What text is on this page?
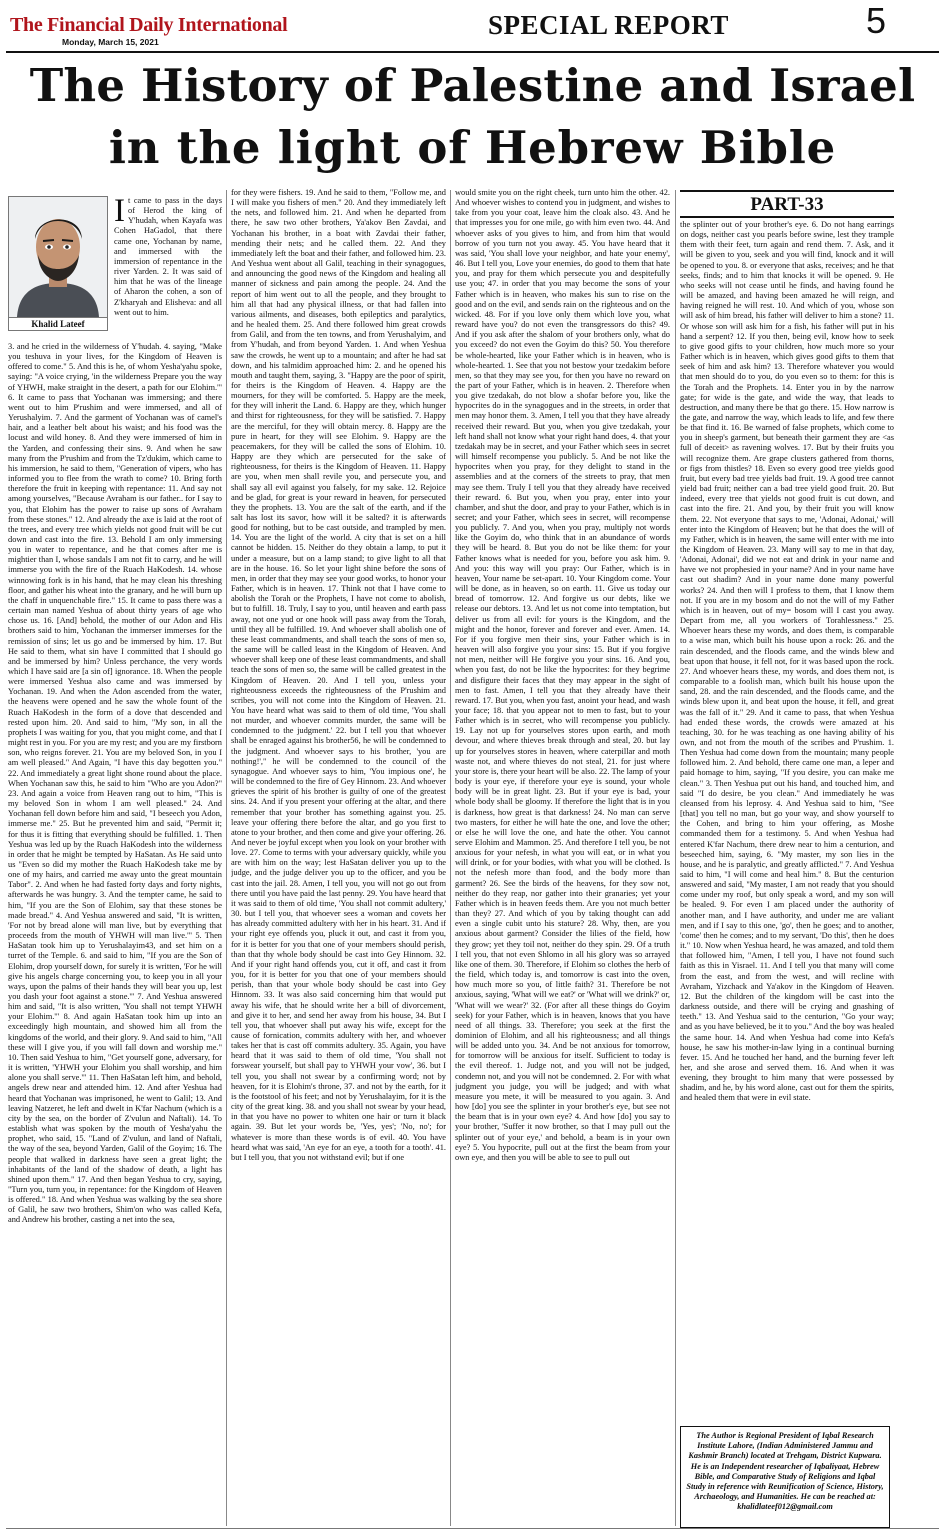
The Financial Daily International
Monday, March 15, 2021
SPECIAL REPORT	5
The History of Palestine and Israel
in the light of Hebrew Bible
Khalid Lateef
It came to pass in the days of Herod the king of Y'hudah, when Kayafa was Cohen HaGadol, that there came one, Yochanan by name, and immersed with the immersion of repentance in the river Yarden. 2. It was said of him that he was of the lineage of Aharon the cohen, a son of Z'kharyah and Elisheva: and all went out to him.

3. and he cried in the wilderness of Y'hudah. 4. saying, "Make you teshuva in your lives, for the Kingdom of Heaven is offered to come." 5. And this is he, of whom Yesha'yahu spoke, saying: "A voice crying, 'in the wilderness Prepare you the way of YHWH, make straight in the desert, a path for our Elohim.'" 6. It came to pass that Yochanan was immersing; and there went out to him P'rushim and were immersed, and all of Yerushalyim. 7. And the garment of Yochanan was of camel's hair, and a leather belt about his waist; and his food was the locust and wild honey. 8. And they were immersed of him in the Yarden, and confessing their sins. 9. And when he saw many from the P'rushim and from the Tz'dukim, which came to his immersion, he said to them, "Generation of vipers, who has informed you to flee from the wrath to come? 10. Bring forth therefore the fruit in keeping with repentance: 11. And say not among yourselves, "Because Avraham is our father.. for I say to you, that Elohim has the power to raise up sons of Avraham from these stones." 12. And already the axe is laid at the root of the trees, and every tree which yields not good fruit will be cut down and cast into the fire. 13. Behold I am only immersing you in water to repentance, and he that comes after me is mightier than I, whose sandals I am not fit to carry, and he will immerse you with the fire of the Ruach HaKodesh. 14. whose winnowing fork is in his hand, that he may clean his threshing floor, and gather his wheat into the granary, and he will burn up the chaff in unquenchable fire." 15. It came to pass there was a certain man named Yeshua of about thirty years of age who chose us. 16. [And] behold, the mother of our Adon and His brothers said to him, Yochanan the immerser immerses for the remission of sins; let us go and be immersed by him. 17. But He said to them, what sin have I committed that I should go and be immersed by him? Unless perchance, the very words which I have said are [a sin of] ignorance. 18. When the people were immersed Yeshua also came and was immersed by Yochanan. 19. And when the Adon ascended from the water, the heavens were opened and he saw the whole fount of the Ruach HaKodesh in the form of a dove that descended and rested upon him. 20. And said to him, "My son, in all the prophets I was waiting for you, that you might come, and that I might rest in you. For you are my rest; and you are my firstborn son, who reigns forever. 21. You are my beloved Son, in you I am well pleased." And Again, "I have this day begotten you." 22. And immediately a great light shone round about the place. When Yochanan saw this, he said to him "Who are you Adon?" 23. And again a voice from Heaven rang out to him, "This is my beloved Son in whom I am well pleased." 24. And Yochanan fell down before him and said, "I beseech you Adon, immerse me." 25. But he prevented him and said, "Permit it; for thus it is fitting that everything should be fulfilled. 1. Then Yeshua was led up by the Ruach HaKodesh into the wilderness in order that he might be tempted by HaSatan. As He said unto us "Even so did my mother the Ruach HaKodesh take me by one of my hairs, and carried me away unto the great mountain Tabor". 2. And when he had fasted forty days and forty nights, afterwards he was hungry. 3. And the tempter came, he said to him, "If you are the Son of Elohim, say that these stones be made bread." 4. And Yeshua answered and said, "It is written, 'For not by bread alone will man live, but by everything that proceeds from the mouth of YHWH will man live.'" 5. Then HaSatan took him up to Yerushalayim43, and set him on a turret of the Temple. 6. and said to him, "If you are the Son of Elohim, drop yourself down, for surely it is written, 'For he will give his angels charge concerning you, to keep you in all your ways, upon the palms of their hands they will bear you up, lest you dash your foot against a stone.'" 7. And Yeshua answered him and said, "It is also written, 'You shall not tempt YHWH your Elohim.'" 8. And again HaSatan took him up into an exceedingly high mountain, and showed him all from the kingdoms of the world, and their glory. 9. And said to him, "All these will I give you, if you will fall down and worship me." 10. Then said Yeshua to him, "Get yourself gone, adversary, for it is written, 'YHWH your Elohim you shall worship, and him alone you shall serve.'" 11. Then HaSatan left him, and behold, angels drew near and attended him. 12. And after Yeshua had heard that Yochanan was imprisoned, he went to Galil; 13. And leaving Natzeret, he left and dwelt in K'far Nachum (which is a city by the sea, on the border of Z'vulun and Naftali). 14. To establish what was spoken by the mouth of Yesha'yahu the prophet, who said, 15. "Land of Z'vulun, and land of Naftali, the way of the sea, beyond Yarden, Galil of the Goyim; 16. The people that walked in darkness have seen a great light; the inhabitants of the land of the shadow of death, a light has shined upon them." 17. And then began Yeshua to cry, saying, "Turn you, turn you, in repentance: for the Kingdom of Heaven is offered." 18. And when Yeshua was walking by the sea shore of Galil, he saw two brothers, Shim'on who was called Kefa, and Andrew his brother, casting a net into the sea,

for they were fishers. 19. And he said to them, "Follow me, and I will make you fishers of men." 20. And they immediately left the nets, and followed him. 21. And when he departed from there, he saw two other brothers, Ya'akov Ben Zavdai, and Yochanan his brother, in a boat with Zavdai their father, mending their nets; and he called them. 22. And they immediately left the boat and their father, and followed him. 23. And Yeshua went about all Galil, teaching in their synagogues, and announcing the good news of the Kingdom and healing all manner of sickness and pain among the people. 24. And the report of him went out to all the people, and they brought to him all that had any physical illness, or that had fallen into various ailments, and diseases, both epileptics and paralytics, and he healed them. 25. And there followed him great crowds from Galil, and from the ten towns, and from Yerushalyim, and from Y'hudah, and from beyond Yarden. 1. And when Yeshua saw the crowds, he went up to a mountain; and after he had sat down, and his talmidim approached him: 2. and he opened his mouth and taught them, saying, 3. "Happy are the poor of spirit, for theirs is the Kingdom of Heaven. 4. Happy are the mourners, for they will be comforted. 5. Happy are the meek, for they will inherit the Land. 6. Happy are they, which hunger and thirst for righteousness, for they will be satisfied. 7. Happy are the merciful, for they will obtain mercy. 8. Happy are the pure in heart, for they will see Elohim. 9. Happy are the peacemakers, for they will be called the sons of Elohim. 10. Happy are they which are persecuted for the sake of righteousness, for theirs is the Kingdom of Heaven. 11. Happy are you, when men shall revile you, and persecute you, and shall say all evil against you falsely, for my sake. 12. Rejoice and be glad, for great is your reward in heaven, for persecuted they the prophets. 13. You are the salt of the earth, and if the salt has lost its savor, how will it be salted? it is afterwards good for nothing, but to be cast outside, and trampled by men. 14. You are the light of the world. A city that is set on a hill cannot be hidden. 15. Neither do they obtain a lamp, to put it under a measure, but on a lamp stand; to give light to all that are in the house. 16. So let your light shine before the sons of men, in order that they may see your good works, to honor your Father, which is in heaven. 17. Think not that I have come to abolish the Torah or the Prophets, I have not come to abolish, but to fulfill. 18. Truly, I say to you, until heaven and earth pass away, not one yud or one hook will pass away from the Torah, until they all be fulfilled. 19. And whoever shall abolish one of these least commandments, and shall teach the sons of men so, the same will be called least in the Kingdom of Heaven. And whoever shall keep one of these least commandments, and shall teach the sons of men so, the same will be called greatest in the Kingdom of Heaven. 20. And I tell you, unless your righteousness exceeds the righteousness of the P'rushim and scribes, you will not come into the Kingdom of Heaven. 21. You have heard what was said to them of old time, 'You shall not murder, and whoever commits murder, the same will be condemned to the judgment.' 22. but I tell you that whoever shall be enraged against his brother56, he will be condemned to the judgment. And whoever says to his brother, 'you are nothing!'," he will be condemned to the council of the synagogue. And whoever says to him, 'You impious one', he will be condemned to the fire of Gey Hinnom. 23. And whoever grieves the spirit of his brother is guilty of one of the greatest sins. 24. And if you present your offering at the altar, and there remember that your brother has something against you. 25. leave your offering there before the altar, and go you first to atone to your brother, and then come and give your offering. 26. And never be joyful except when you look on your brother with love. 27. Come to terms with your adversary quickly, while you are with him on the way; lest HaSatan deliver you up to the judge, and the judge deliver you up to the officer, and you be cast into the jail. 28. Amen, I tell you, you will not go out from there until you have paid the last penny. 29. You have heard that it was said to them of old time, 'You shall not commit adultery,' 30. but I tell you, that whoever sees a woman and covets her has already committed adultery with her in his heart. 31. And if your right eye offends you, pluck it out, and cast it from you, for it is better for you that one of your members should perish, than that thy whole body should be cast into Gey Hinnom. 32. And if your right hand offends you, cut it off, and cast it from you, for it is better for you that one of your members should perish, than that your whole body should be cast into Gey Hinnom. 33. It was also said concerning him that would put away his wife, that he should write her a bill of divorcement, and give it to her, and send her away from his house, 34. But I tell you, that whoever shall put away his wife, except for the cause of fornication, commits adultery with her, and whoever takes her that is cast off commits adultery. 35. Again, you have heard that it was said to them of old time, 'You shall not forswear yourself, but shall pay to YHWH your vow', 36. but I tell you, you shall not swear by a confirming word; not by heaven, for it is Elohim's throne, 37. and not by the earth, for it is the footstool of his feet; and not by Yerushalayim, for it is the city of the great king. 38. and you shall not swear by your head, in that you have no power to whiten one hair or turn it black again. 39. But let your words be, 'Yes, yes'; 'No, no'; for whatever is more than these words is of evil. 40. You have heard what was said, 'An eye for an eye, a tooth for a tooth'. 41. but I tell you, that you not withstand evil; but if one

would smite you on the right cheek, turn unto him the other. 42. And whoever wishes to contend you in judgment, and wishes to take from you your coat, leave him the cloak also. 43. And he that impresses you for one mile, go with him even two. 44. And whoever asks of you gives to him, and from him that would borrow of you turn not you away. 45. You have heard that it was said, 'You shall love your neighbor, and hate your enemy', 46. But I tell you, Love your enemies, do good to them that hate you, and pray for them which persecute you and despitefully use you; 47. in order that you may become the sons of your Father which is in heaven, who makes his sun to rise on the good and on the evil, and sends rain on the righteous and on the wicked. 48. For if you love only them which love you, what reward have you? do not even the transgressors do this? 49. And if you ask after the shalom of your brothers only, what do you exceed? do not even the Goyim do this? 50. You therefore be whole-hearted, like your Father which is in heaven, who is whole-hearted. 1. See that you not bestow your tzedakim before men, so that they may see you, for then you have no reward on the part of your Father, which is in heaven. 2. Therefore when you give tzedakah, do not blow a shofar before you, like the hypocrites do in the synagogues and in the streets, in order that men may honor them. 3. Amen, I tell you that they have already received their reward. But you, when you give tzedakah, your left hand shall not know what your right hand does, 4. that your tzedakah may be in secret, and your Father which sees in secret will himself recompense you publicly. 5. And be not like the hypocrites when you pray, for they delight to stand in the assemblies and at the corners of the streets to pray, that men may see them. Truly I tell you that they already have received their reward. 6. But you, when you pray, enter into your chamber, and shut the door, and pray to your Father, which is in secret; and your Father, which sees in secret, will recompense you publicly. 7. And you, when you pray, multiply not words like the Goyim do, who think that in an abundance of words they will be heard. 8. But you do not be like them: for your Father knows what is needed for you, before you ask him. 9. And you: this way will you pray: Our Father, which is in heaven, Your name be set-apart. 10. Your Kingdom come. Your will be done, as in heaven, so on earth. 11. Give us today our bread of tomorrow. 12. And forgive us our debts, like we release our debtors. 13. And let us not come into temptation, but deliver us from all evil: for yours is the Kingdom, and the might and the honor, forever and forever and ever. Amen. 14. For if you forgive men their sins, your Father which is in heaven will also forgive you your sins: 15. But if you forgive not men, neither will He forgive you your sins. 16. And you, when you fast, do not be like the hypocrites: for they begrime and disfigure their faces that they may appear in the sight of men to fast. Amen, I tell you that they already have their reward. 17. But you, when you fast, anoint your head, and wash your face; 18. that you appear not to men to fast, but to your Father which is in secret, who will recompense you publicly. 19. Lay not up for yourselves stores upon earth, and moth devour, and where thieves break through and steal, 20. but lay up for yourselves stores in heaven, where caterpillar and moth waste not, and where thieves do not steal, 21. for just where your store is, there your heart will be also. 22. The lamp of your body is your eye, if therefore your eye is sound, your whole body will be in great light. 23. But if your eye is bad, your whole body shall be gloomy. If therefore the light that is in you is darkness, how great is that darkness! 24. No man can serve two masters, for either he will hate the one, and love the other; or else he will love the one, and hate the other. You cannot serve Elohim and Mammon. 25. And therefore I tell you, be not anxious for your nefesh, in what you will eat, or in what you will drink, or for your bodies, with what you will be clothed. Is not the nefesh more than food, and the body more than garment? 26. See the birds of the heavens, for they sow not, neither do they reap, nor gather into their granaries; yet your Father which is in heaven feeds them. Are you not much better than they? 27. And which of you by taking thought can add even a single cubit unto his stature? 28. Why, then, are you anxious about garment? Consider the lilies of the field, how they grow; yet they toil not, neither do they spin. 29. Of a truth I tell you, that not even Shlomo in all his glory was so arrayed like one of them. 30. Therefore, if Elohim so clothes the herb of the field, which today is, and tomorrow is cast into the oven, how much more so you, of little faith? 31. Therefore be not anxious, saying, 'What will we eat?' or 'What will we drink?' or, 'What will we wear?' 32. (For after all these things do Goyim seek) for your Father, which is in heaven, knows that you have need of all things. 33. Therefore; you seek at the first the dominion of Elohim, and all his righteousness; and all things will be added unto you. 34. And be not anxious for tomorrow, for tomorrow will be anxious for itself. Sufficient to today is the evil thereof. 1. Judge not, and you will not be judged, condemn not, and you will not be condemned. 2. For with what judgment you judge, you will be judged; and with what measure you mete, it will be measured to you again. 3. And how [do] you see the splinter in your brother's eye, but see not the beam that is in your own eye? 4. And how [do] you say to your brother, 'Suffer it now brother, so that I may pull out the splinter out of your eye,' and behold, a beam is in your own eye? 5. You hypocrite, pull out at the first the beam from your own eye, and then you will be able to see to pull out

PART-33

the splinter out of your brother's eye. 6. Do not hang earrings on dogs, neither cast you pearls before swine, lest they trample them with their feet, turn again and rend them. 7. Ask, and it will be given to you, seek and you will find, knock and it will be opened to you. 8. or everyone that asks, receives; and he that seeks, finds; and to him that knocks it will be opened. 9. He who seeks will not cease until he finds, and having found he will be amazed, and having been amazed he will reign, and having reigned he will rest. 10. And which of you, whose son will ask of him bread, his father will deliver to him a stone? 11. Or whose son will ask him for a fish, his father will put in his hand a serpent? 12. If you then, being evil, know how to seek to give good gifts to your children, how much more so your Father which is in heaven, which gives good gifts to them that seek of him and ask him? 13. Therefore whatever you would that men should do to you, do you even so to them: for this is the Torah and the Prophets. 14. Enter you in by the narrow gate; for wide is the gate, and wide the way, that leads to destruction, and many there be that go there. 15. How narrow is the gate, and narrow the way, which leads to life, and few there be that find it. 16. Be warned of false prophets, which come to you in sheep's garment, but beneath their garment they are <as full of deceit> as ravening wolves. 17. But by their fruits you will recognize them. Are grape clusters gathered from thorns, or figs from thistles? 18. Even so every good tree yields good fruit, but every bad tree yields bad fruit. 19. A good tree cannot yield bad fruit; neither can a bad tree yield good fruit. 20. But indeed, every tree that yields not good fruit is cut down, and cast into the fire. 21. And you, by their fruit you will know them. 22. Not everyone that says to me, 'Adonai, Adonai,' will enter into the Kingdom of Heaven; but he that does the will of my Father, which is in heaven, the same will enter with me into the Kingdom of Heaven. 23. Many will say to me in that day, 'Adonai, Adonai', did we not eat and drink in your name and have we not prophesied in your name? And in your name have cast out shadim? And in your name done many powerful works? 24. And then will I profess to them, that I know them not. If you are in my bosom and do not the will of my Father which is in heaven, out of my= bosom will I cast you away. Depart from me, all you workers of Torahlessness." 25. Whoever hears these my words, and does them, is comparable to a wise man, which built his house upon a rock: 26. and the rain descended, and the floods came, and the winds blew and beat upon that house, it fell not, for it was based upon the rock. 27. And whoever hears these, my words, and does them not, is comparable to a foolish man, which built his house upon the sand, 28. and the rain descended, and the floods came, and the winds blew upon it, and beat upon the house, it fell, and great was the fall of it." 29. And it came to pass, that when Yeshua had ended these words, the crowds were amazed at his teaching, 30. for he was teaching as one having ability of his own, and not from the mouth of the scribes and P'rushim. 1. Then Yeshua had come down from the mountain; many people followed him. 2. And behold, there came one man, a leper and paid homage to him, saying, "If you desire, you can make me clean." 3. Then Yeshua put out his hand, and touched him, and said "I do desire, be you clean." And immediately he was cleansed from his leprosy. 4. And Yeshua said to him, "See [that] you tell no man, but go your way, and show yourself to the Cohen, and bring to him your offering, as Moshe commanded them for a testimony. 5. And when Yeshua had entered K'far Nachum, there drew near to him a centurion, and beseeched him, saying, 6. "My master, my son lies in the house, and he is paralytic, and greatly afflicted." 7. And Yeshua said to him, "I will come and heal him." 8. But the centurion answered and said, "My master, I am not ready that you should come under my roof, but only speak a word, and my son will be healed. 9. For even I am placed under the authority of another man, and I have authority, and under me are valiant men, and if I say to this one, 'go', then he goes; and to another, 'come' then he comes; and to my servant, 'Do this', then he does it." 10. Now when Yeshua heard, he was amazed, and told them that followed him, "Amen, I tell you, I have not found such faith as this in Yisrael. 11. And I tell you that many will come from the east, and from the west, and will recline with Avraham, Yizchack and Ya'akov in the Kingdom of Heaven. 12. But the children of the kingdom will be cast into the darkness outside, and there will be crying and gnashing of teeth." 13. And Yeshua said to the centurion, "Go your way; and as you have believed, be it to you." And the boy was healed the same hour. 14. And when Yeshua had come into Kefa's house, he saw his mother-in-law lying in a continual burning fever. 15. And he touched her hand, and the burning fever left her, and she arose and served them. 16. And when it was evening, they brought to him many that were possessed by shadim, and he, by his word alone, cast out for them the spirits, and healed them that were in evil state.

The Author is Regional President of Iqbal Research Institute Lahore, (Indian Administered Jammu and Kashmir Branch) located at Trehgam, District Kupwara. He is an Independent researcher of Iqbaliyaat, Hebrew Bible, and Comparative Study of Religions and Iqbal Study in reference with Reunification of Science, History, Archaeology, and Humanities. He can be reached at: khalidlateef012@gmail.com
